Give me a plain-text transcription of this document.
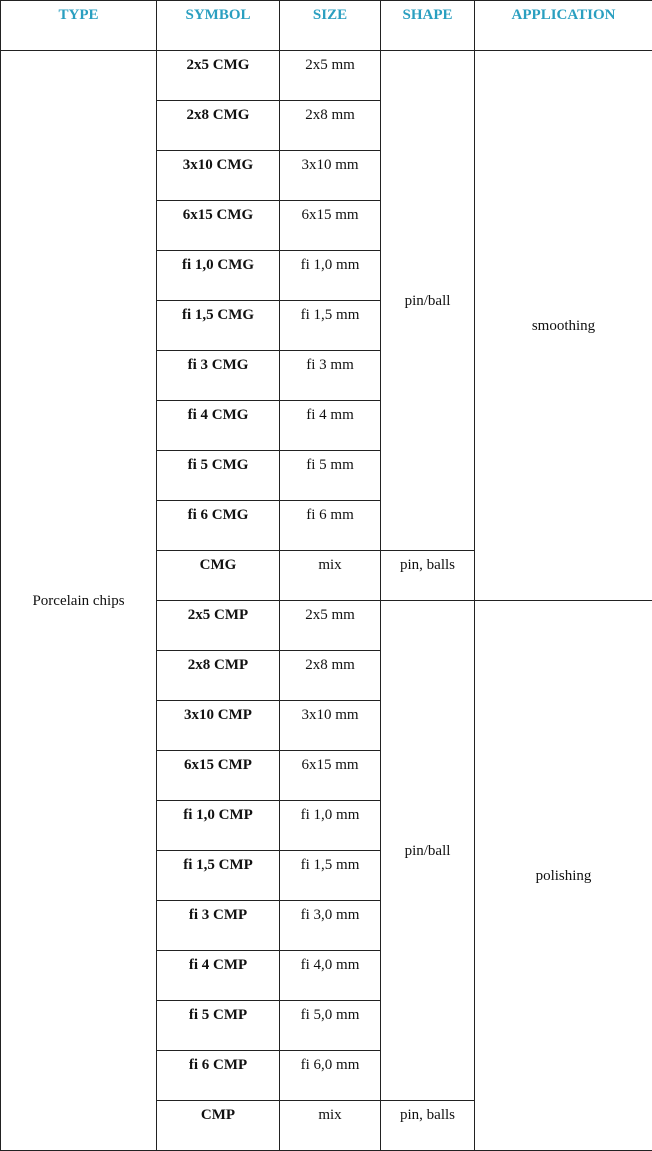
TYPE	SYMBOL	SIZE	SHAPE	APPLICATION
Porcelain chips	2x5 CMG	2x5 mm	pin/ball	smoothing
	2x8 CMG	2x8 mm		
	3x10 CMG	3x10 mm		
	6x15 CMG	6x15 mm		
	fi 1,0 CMG	fi 1,0 mm		
	fi 1,5 CMG	fi 1,5 mm		
	fi 3 CMG	fi 3 mm		
	fi 4 CMG	fi 4 mm		
	fi 5 CMG	fi 5 mm		
	fi 6 CMG	fi 6 mm		
	CMG	mix	pin, balls	
	2x5 CMP	2x5 mm	pin/ball	polishing
	2x8 CMP	2x8 mm		
	3x10 CMP	3x10 mm		
	6x15 CMP	6x15 mm		
	fi 1,0 CMP	fi 1,0 mm		
	fi 1,5 CMP	fi 1,5 mm		
	fi 3 CMP	fi 3,0 mm		
	fi 4 CMP	fi 4,0 mm		
	fi 5 CMP	fi 5,0 mm		
	fi 6 CMP	fi 6,0 mm		
	CMP	mix	pin, balls	
